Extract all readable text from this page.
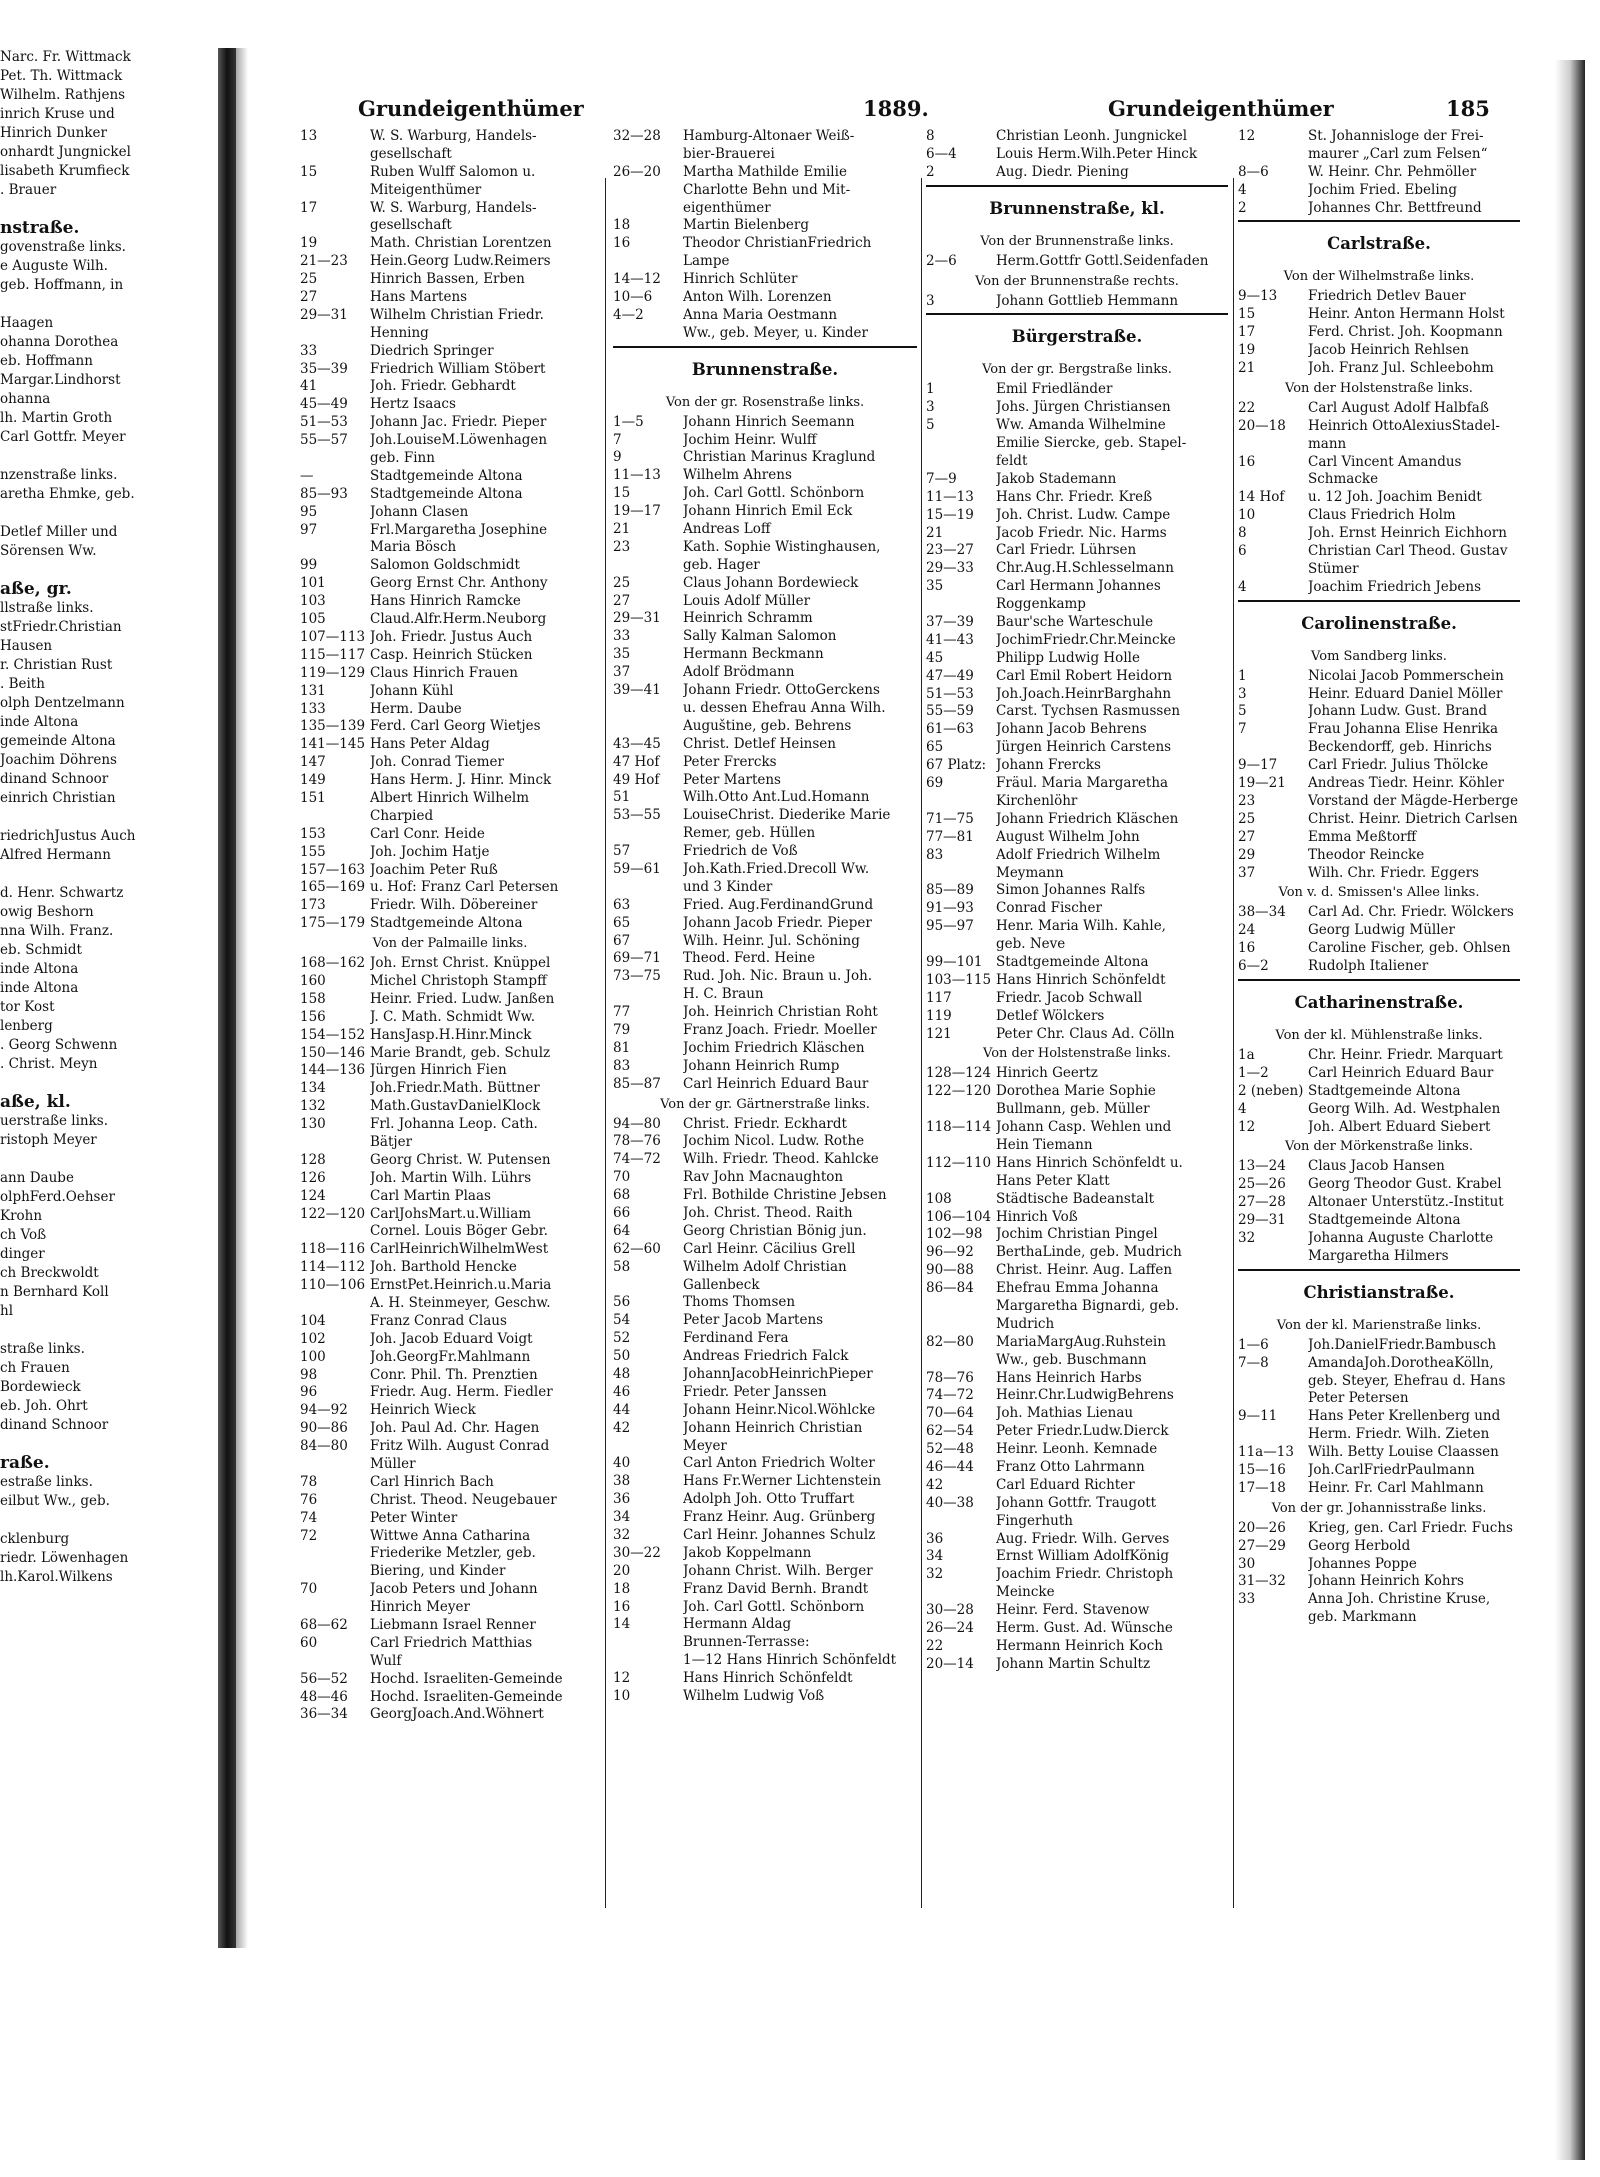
Narc. Fr. Wittmack
Pet. Th. Wittmack
Wilhelm. Rathjens
inrich Kruse und
Hinrich Dunker
onhardt Jungnickel
lisabeth Krumfieck
. Brauer
nstraße.
govenstraße links.
e Auguste Wilh.
geb. Hoffmann, in
Haagen
ohanna Dorothea
eb. Hoffmann
Margar.Lindhorst
ohanna
lh. Martin Groth
Carl Gottfr. Meyer
nzenstraße links.
aretha Ehmke, geb.
Detlef Miller und
Sörensen Ww.
aße, gr.
llstraße links.
stFriedr.Christian
Hausen
r. Christian Rust
. Beith
olph Dentzelmann
inde Altona
gemeinde Altona
Joachim Döhrens
dinand Schnoor
einrich Christian
riedrichJustus Auch
Alfred Hermann
d. Henr. Schwartz
owig Beshorn
nna Wilh. Franz.
eb. Schmidt
inde Altona
inde Altona
tor Kost
lenberg
. Georg Schwenn
. Christ. Meyn
aße, kl.
uerstraße links.
ristoph Meyer
ann Daube
olphFerd.Oehser
Krohn
ch Voß
dinger
ch Breckwoldt
n Bernhard Koll
hl
straße links.
ch Frauen
Bordewieck
eb. Joh. Ohrt
dinand Schnoor
raße.
estraße links.
eilbut Ww., geb.
cklenburg
riedr. Löwenhagen
lh.Karol.Wilkens
Grundeigenthümer	1889.	Grundeigenthümer	185
13	W. S. Warburg, Handels-
gesellschaft
15	Ruben Wulff Salomon u.
Miteigenthümer
17	W. S. Warburg, Handels-
gesellschaft
19	Math. Christian Lorentzen
21—23	Hein.Georg Ludw.Reimers
25	Hinrich Bassen, Erben
27	Hans Martens
29—31	Wilhelm Christian Friedr.
Henning
33	Diedrich Springer
35—39	Friedrich William Stöbert
41	Joh. Friedr. Gebhardt
45—49	Hertz Isaacs
51—53	Johann Jac. Friedr. Pieper
55—57	Joh.LouiseM.Löwenhagen
geb. Finn
—	Stadtgemeinde Altona
85—93	Stadtgemeinde Altona
95	Johann Clasen
97	Frl.Margaretha Josephine
Maria Bösch
99	Salomon Goldschmidt
101	Georg Ernst Chr. Anthony
103	Hans Hinrich Ramcke
105	Claud.Alfr.Herm.Neuborg
107—113 Joh. Friedr. Justus Auch
115—117 Casp. Heinrich Stücken
119—129 Claus Hinrich Frauen
131	Johann Kühl
133	Herm. Daube
135—139 Ferd. Carl Georg Wietjes
141—145 Hans Peter Aldag
147	Joh. Conrad Tiemer
149	Hans Herm. J. Hinr. Minck
151	Albert Hinrich Wilhelm
Charpied
153	Carl Conr. Heide
155	Joh. Jochim Hatje
157—163 Joachim Peter Ruß
165—169 u. Hof: Franz Carl Petersen
173	Friedr. Wilh. Döbereiner
175—179 Stadtgemeinde Altona
Von der Palmaille links.
168—162 Joh. Ernst Christ. Knüppel
160	Michel Christoph Stampff
158	Heinr. Fried. Ludw. Janßen
156	J. C. Math. Schmidt Ww.
154—152 HansJasp.H.Hinr.Minck
150—146 Marie Brandt, geb. Schulz
144—136 Jürgen Hinrich Fien
134	Joh.Friedr.Math. Büttner
132	Math.GustavDanielKlock
130	Frl. Johanna Leop. Cath.
Bätjer
128	Georg Christ. W. Putensen
126	Joh. Martin Wilh. Lührs
124	Carl Martin Plaas
122—120 CarlJohsMart.u.William
Cornel. Louis Böger Gebr.
118—116 CarlHeinrichWilhelmWest
114—112 Joh. Barthold Hencke
110—106 ErnstPet.Heinrich.u.Maria
A. H. Steinmeyer, Geschw.
104	Franz Conrad Claus
102	Joh. Jacob Eduard Voigt
100	Joh.GeorgFr.Mahlmann
98	Conr. Phil. Th. Prenztien
96	Friedr. Aug. Herm. Fiedler
94—92	Heinrich Wieck
90—86	Joh. Paul Ad. Chr. Hagen
84—80	Fritz Wilh. August Conrad
Müller
78	Carl Hinrich Bach
76	Christ. Theod. Neugebauer
74	Peter Winter
72	Wittwe Anna Catharina
Friederike Metzler, geb.
Biering, und Kinder
70	Jacob Peters und Johann
Hinrich Meyer
68—62	Liebmann Israel Renner
60	Carl Friedrich Matthias
Wulf
56—52	Hochd. Israeliten-Gemeinde
48—46	Hochd. Israeliten-Gemeinde
36—34	GeorgJoach.And.Wöhnert
32—28	Hamburg-Altonaer Weiß-
bier-Brauerei
26—20	Martha Mathilde Emilie
Charlotte Behn und Mit-
eigenthümer
18	Martin Bielenberg
16	Theodor ChristianFriedrich
Lampe
14—12	Hinrich Schlüter
10—6	Anton Wilh. Lorenzen
4—2	Anna Maria Oestmann
Ww., geb. Meyer, u. Kinder
Brunnenstraße.
Von der gr. Rosenstraße links.
1—5	Johann Hinrich Seemann
7	Jochim Heinr. Wulff
9	Christian Marinus Kraglund
11—13	Wilhelm Ahrens
15	Joh. Carl Gottl. Schönborn
19—17	Johann Hinrich Emil Eck
21	Andreas Loff
23	Kath. Sophie Wistinghausen,
geb. Hager
25	Claus Johann Bordewieck
27	Louis Adolf Müller
29—31	Heinrich Schramm
33	Sally Kalman Salomon
35	Hermann Beckmann
37	Adolf Brödmann
39—41	Johann Friedr. OttoGerckens
u. dessen Ehefrau Anna Wilh.
Auguštine, geb. Behrens
43—45	Christ. Detlef Heinsen
47 Hof	Peter Frercks
49 Hof	Peter Martens
51	Wilh.Otto Ant.Lud.Homann
53—55	LouiseChrist. Diederike Marie
Remer, geb. Hüllen
57	Friedrich de Voß
59—61	Joh.Kath.Fried.Drecoll Ww.
und 3 Kinder
63	Fried. Aug.FerdinandGrund
65	Johann Jacob Friedr. Pieper
67	Wilh. Heinr. Jul. Schöning
69—71	Theod. Ferd. Heine
73—75	Rud. Joh. Nic. Braun u. Joh.
H. C. Braun
77	Joh. Heinrich Christian Roht
79	Franz Joach. Friedr. Moeller
81	Jochim Friedrich Kläschen
83	Johann Heinrich Rump
85—87	Carl Heinrich Eduard Baur
Von der gr. Gärtnerstraße links.
94—80	Christ. Friedr. Eckhardt
78—76	Jochim Nicol. Ludw. Rothe
74—72	Wilh. Friedr. Theod. Kahlcke
70	Rav John Macnaughton
68	Frl. Bothilde Christine Jebsen
66	Joh. Christ. Theod. Raith
64	Georg Christian Bönig jun.
62—60	Carl Heinr. Cäcilius Grell
58	Wilhelm Adolf Christian
Gallenbeck
56	Thoms Thomsen
54	Peter Jacob Martens
52	Ferdinand Fera
50	Andreas Friedrich Falck
48	JohannJacobHeinrichPieper
46	Friedr. Peter Janssen
44	Johann Heinr.Nicol.Wöhlcke
42	Johann Heinrich Christian
Meyer
40	Carl Anton Friedrich Wolter
38	Hans Fr.Werner Lichtenstein
36	Adolph Joh. Otto Truffart
34	Franz Heinr. Aug. Grünberg
32	Carl Heinr. Johannes Schulz
30—22	Jakob Koppelmann
20	Johann Christ. Wilh. Berger
18	Franz David Bernh. Brandt
16	Joh. Carl Gottl. Schönborn
14	Hermann Aldag
Brunnen-Terrasse:
1—12 Hans Hinrich Schönfeldt
12	Hans Hinrich Schönfeldt
10	Wilhelm Ludwig Voß
8	Christian Leonh. Jungnickel
6—4	Louis Herm.Wilh.Peter Hinck
2	Aug. Diedr. Piening
Brunnenstraße, kl.
Von der Brunnenstraße links.
2—6	Herm.Gottfr Gottl.Seidenfaden
Von der Brunnenstraße rechts.
3	Johann Gottlieb Hemmann
Bürgerstraße.
Von der gr. Bergstraße links.
1	Emil Friedländer
3	Johs. Jürgen Christiansen
5	Ww. Amanda Wilhelmine
Emilie Siercke, geb. Stapel-
feldt
7—9	Jakob Stademann
11—13	Hans Chr. Friedr. Kreß
15—19	Joh. Christ. Ludw. Campe
21	Jacob Friedr. Nic. Harms
23—27	Carl Friedr. Lührsen
29—33	Chr.Aug.H.Schlesselmann
35	Carl Hermann Johannes
Roggenkamp
37—39	Baur'sche Warteschule
41—43	JochimFriedr.Chr.Meincke
45	Philipp Ludwig Holle
47—49	Carl Emil Robert Heidorn
51—53	Joh.Joach.HeinrBarghahn
55—59	Carst. Tychsen Rasmussen
61—63	Johann Jacob Behrens
65	Jürgen Heinrich Carstens
67 Platz: Johann Frercks
69	Fräul. Maria Margaretha
Kirchenlöhr
71—75	Johann Friedrich Kläschen
77—81	August Wilhelm John
83	Adolf Friedrich Wilhelm
Meymann
85—89	Simon Johannes Ralfs
91—93	Conrad Fischer
95—97	Henr. Maria Wilh. Kahle,
geb. Neve
99—101	Stadtgemeinde Altona
103—115 Hans Hinrich Schönfeldt
117	Friedr. Jacob Schwall
119	Detlef Wölckers
121	Peter Chr. Claus Ad. Cölln
Von der Holstenstraße links.
128—124 Hinrich Geertz
122—120 Dorothea Marie Sophie
Bullmann, geb. Müller
118—114 Johann Casp. Wehlen und
Hein Tiemann
112—110 Hans Hinrich Schönfeldt u.
Hans Peter Klatt
108	Städtische Badeanstalt
106—104 Hinrich Voß
102—98	Jochim Christian Pingel
96—92	BerthaLinde, geb. Mudrich
90—88	Christ. Heinr. Aug. Laffen
86—84	Ehefrau Emma Johanna
Margaretha Bignardi, geb.
Mudrich
82—80	MariaMargAug.Ruhstein
Ww., geb. Buschmann
78—76	Hans Heinrich Harbs
74—72	Heinr.Chr.LudwigBehrens
70—64	Joh. Mathias Lienau
62—54	Peter Friedr.Ludw.Dierck
52—48	Heinr. Leonh. Kemnade
46—44	Franz Otto Lahrmann
42	Carl Eduard Richter
40—38	Johann Gottfr. Traugott
Fingerhuth
36	Aug. Friedr. Wilh. Gerves
34	Ernst William AdolfKönig
32	Joachim Friedr. Christoph
Meincke
30—28	Heinr. Ferd. Stavenow
26—24	Herm. Gust. Ad. Wünsche
22	Hermann Heinrich Koch
20—14	Johann Martin Schultz
12	St. Johannisloge der Frei-
maurer „Carl zum Felsen“
8—6	W. Heinr. Chr. Pehmöller
4	Jochim Fried. Ebeling
2	Johannes Chr. Bettfreund
Carlstraße.
Von der Wilhelmstraße links.
9—13	Friedrich Detlev Bauer
15	Heinr. Anton Hermann Holst
17	Ferd. Christ. Joh. Koopmann
19	Jacob Heinrich Rehlsen
21	Joh. Franz Jul. Schleebohm
Von der Holstenstraße links.
22	Carl August Adolf Halbfaß
20—18	Heinrich OttoAlexiusStadel-
mann
16	Carl Vincent Amandus
Schmacke
14 Hof	u. 12 Joh. Joachim Benidt
10	Claus Friedrich Holm
8	Joh. Ernst Heinrich Eichhorn
6	Christian Carl Theod. Gustav
Stümer
4	Joachim Friedrich Jebens
Carolinenstraße.
Vom Sandberg links.
1	Nicolai Jacob Pommerschein
3	Heinr. Eduard Daniel Möller
5	Johann Ludw. Gust. Brand
7	Frau Johanna Elise Henrika
Beckendorff, geb. Hinrichs
9—17	Carl Friedr. Julius Thölcke
19—21	Andreas Tiedr. Heinr. Köhler
23	Vorstand der Mägde-Herberge
25	Christ. Heinr. Dietrich Carlsen
27	Emma Meßtorff
29	Theodor Reincke
37	Wilh. Chr. Friedr. Eggers
Von v. d. Smissen's Allee links.
38—34	Carl Ad. Chr. Friedr. Wölckers
24	Georg Ludwig Müller
16	Caroline Fischer, geb. Ohlsen
6—2	Rudolph Italiener
Catharinenstraße.
Von der kl. Mühlenstraße links.
1a	Chr. Heinr. Friedr. Marquart
1—2	Carl Heinrich Eduard Baur
2 (neben) Stadtgemeinde Altona
4	Georg Wilh. Ad. Westphalen
12	Joh. Albert Eduard Siebert
Von der Mörkenstraße links.
13—24	Claus Jacob Hansen
25—26	Georg Theodor Gust. Krabel
27—28	Altonaer Unterstütz.-Institut
29—31	Stadtgemeinde Altona
32	Johanna Auguste Charlotte
Margaretha Hilmers
Christianstraße.
Von der kl. Marienstraße links.
1—6	Joh.DanielFriedr.Bambusch
7—8	AmandaJoh.DorotheaKölln,
geb. Steyer, Ehefrau d. Hans
Peter Petersen
9—11	Hans Peter Krellenberg und
Herm. Friedr. Wilh. Zieten
11a—13	Wilh. Betty Louise Claassen
15—16	Joh.CarlFriedrPaulmann
17—18	Heinr. Fr. Carl Mahlmann
Von der gr. Johannisstraße links.
20—26	Krieg, gen. Carl Friedr. Fuchs
27—29	Georg Herbold
30	Johannes Poppe
31—32	Johann Heinrich Kohrs
33	Anna Joh. Christine Kruse,
geb. Markmann
